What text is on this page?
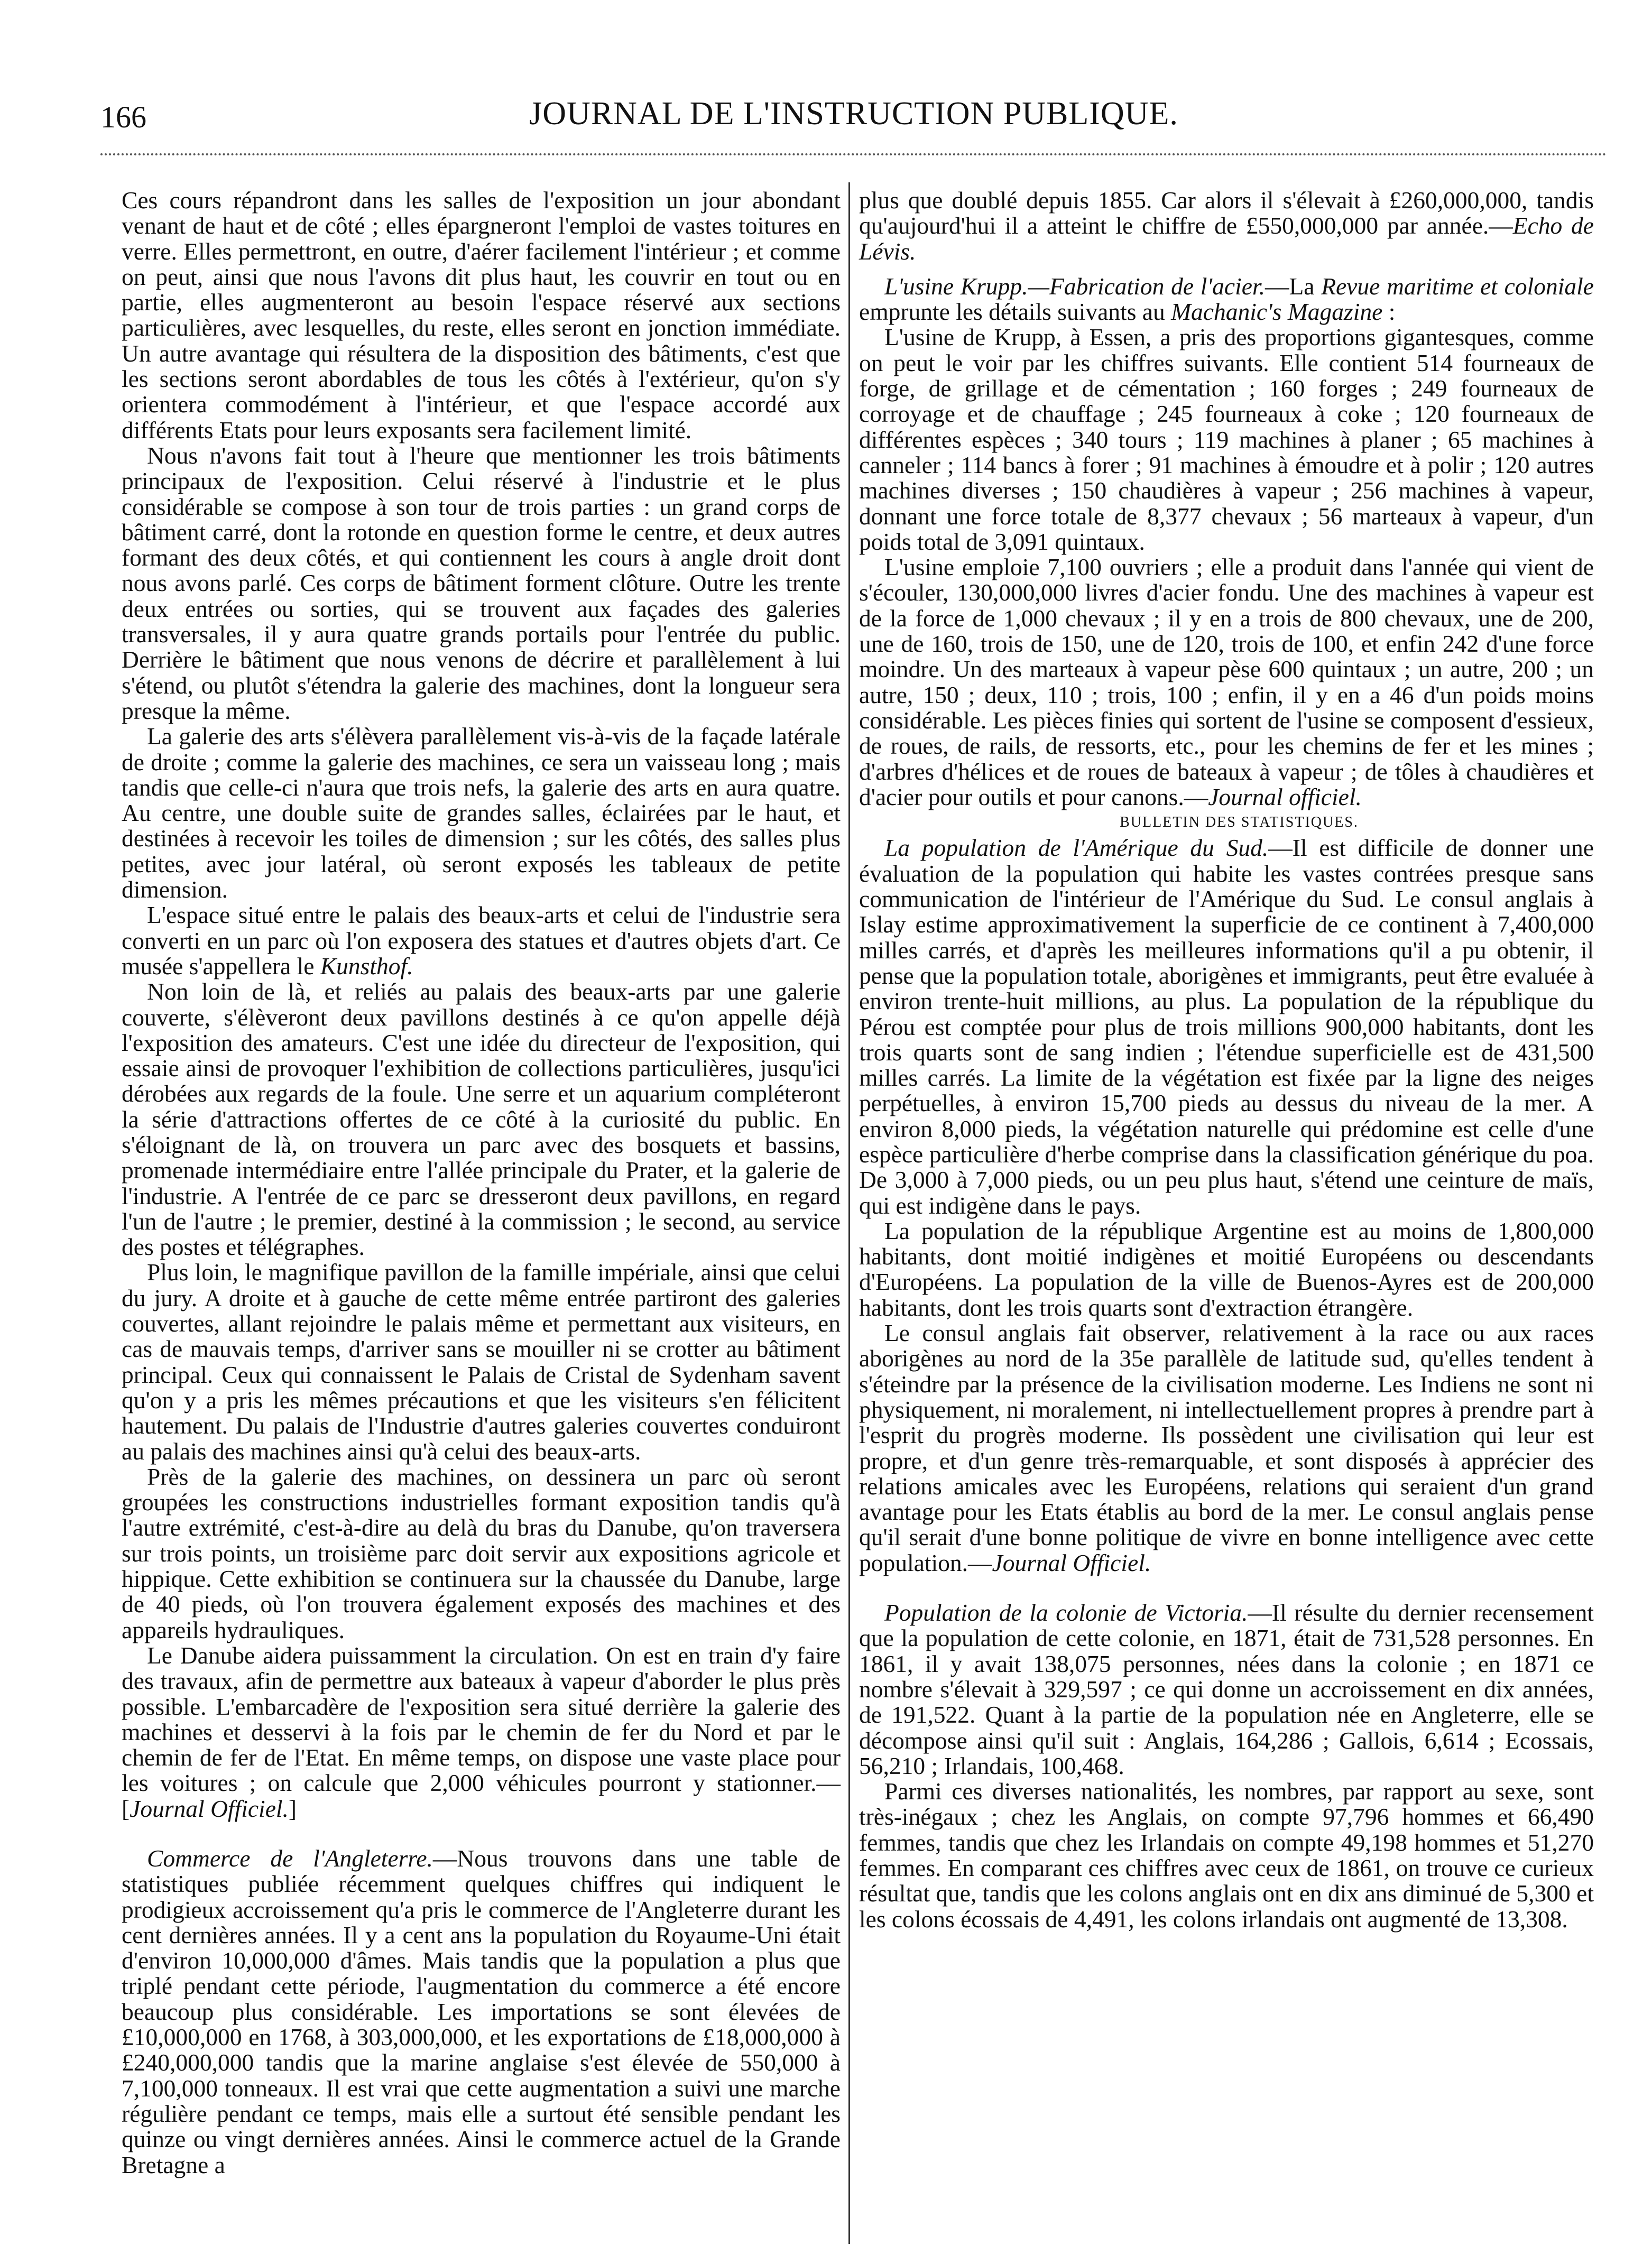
166	JOURNAL DE L'INSTRUCTION PUBLIQUE.

Ces cours répandront dans les salles de l'exposition un jour abondant venant de haut et de côté ; elles épargneront l'emploi de vastes toitures en verre. Elles permettront, en outre, d'aérer facilement l'intérieur ; et comme on peut, ainsi que nous l'avons dit plus haut, les couvrir en tout ou en partie, elles augmenteront au besoin l'espace réservé aux sections particulières, avec lesquelles, du reste, elles seront en jonction immédiate. Un autre avantage qui résultera de la disposition des bâtiments, c'est que les sections seront abordables de tous les côtés à l'extérieur, qu'on s'y orientera commodément à l'intérieur, et que l'espace accordé aux différents Etats pour leurs exposants sera facilement limité.

Nous n'avons fait tout à l'heure que mentionner les trois bâtiments principaux de l'exposition. Celui réservé à l'industrie et le plus considérable se compose à son tour de trois parties : un grand corps de bâtiment carré, dont la rotonde en question forme le centre, et deux autres formant des deux côtés, et qui contiennent les cours à angle droit dont nous avons parlé. Ces corps de bâtiment forment clôture. Outre les trente deux entrées ou sorties, qui se trouvent aux façades des galeries transversales, il y aura quatre grands portails pour l'entrée du public. Derrière le bâtiment que nous venons de décrire et parallèlement à lui s'étend, ou plutôt s'étendra la galerie des machines, dont la longueur sera presque la même.

La galerie des arts s'élèvera parallèlement vis-à-vis de la façade latérale de droite ; comme la galerie des machines, ce sera un vaisseau long ; mais tandis que celle-ci n'aura que trois nefs, la galerie des arts en aura quatre. Au centre, une double suite de grandes salles, éclairées par le haut, et destinées à recevoir les toiles de dimension ; sur les côtés, des salles plus petites, avec jour latéral, où seront exposés les tableaux de petite dimension.

L'espace situé entre le palais des beaux-arts et celui de l'industrie sera converti en un parc où l'on exposera des statues et d'autres objets d'art. Ce musée s'appellera le Kunsthof.

Non loin de là, et reliés au palais des beaux-arts par une galerie couverte, s'élèveront deux pavillons destinés à ce qu'on appelle déjà l'exposition des amateurs. C'est une idée du directeur de l'exposition, qui essaie ainsi de provoquer l'exhibition de collections particulières, jusqu'ici dérobées aux regards de la foule. Une serre et un aquarium compléteront la série d'attractions offertes de ce côté à la curiosité du public. En s'éloignant de là, on trouvera un parc avec des bosquets et bassins, promenade intermédiaire entre l'allée principale du Prater, et la galerie de l'industrie. A l'entrée de ce parc se dresseront deux pavillons, en regard l'un de l'autre ; le premier, destiné à la commission ; le second, au service des postes et télégraphes.

Plus loin, le magnifique pavillon de la famille impériale, ainsi que celui du jury. A droite et à gauche de cette même entrée partiront des galeries couvertes, allant rejoindre le palais même et permettant aux visiteurs, en cas de mauvais temps, d'arriver sans se mouiller ni se crotter au bâtiment principal. Ceux qui connaissent le Palais de Cristal de Sydenham savent qu'on y a pris les mêmes précautions et que les visiteurs s'en félicitent hautement. Du palais de l'Industrie d'autres galeries couvertes conduiront au palais des machines ainsi qu'à celui des beaux-arts.

Près de la galerie des machines, on dessinera un parc où seront groupées les constructions industrielles formant exposition tandis qu'à l'autre extrémité, c'est-à-dire au delà du bras du Danube, qu'on traversera sur trois points, un troisième parc doit servir aux expositions agricole et hippique. Cette exhibition se continuera sur la chaussée du Danube, large de 40 pieds, où l'on trouvera également exposés des machines et des appareils hydrauliques.

Le Danube aidera puissamment la circulation. On est en train d'y faire des travaux, afin de permettre aux bateaux à vapeur d'aborder le plus près possible. L'embarcadère de l'exposition sera situé derrière la galerie des machines et desservi à la fois par le chemin de fer du Nord et par le chemin de fer de l'Etat. En même temps, on dispose une vaste place pour les voitures ; on calcule que 2,000 véhicules pourront y stationner.—[Journal Officiel.]

Commerce de l'Angleterre.—Nous trouvons dans une table de statistiques publiée récemment quelques chiffres qui indiquent le prodigieux accroissement qu'a pris le commerce de l'Angleterre durant les cent dernières années. Il y a cent ans la population du Royaume-Uni était d'environ 10,000,000 d'âmes. Mais tandis que la population a plus que triplé pendant cette période, l'augmentation du commerce a été encore beaucoup plus considérable. Les importations se sont élevées de £10,000,000 en 1768, à 303,000,000, et les exportations de £18,000,000 à £240,000,000 tandis que la marine anglaise s'est élevée de 550,000 à 7,100,000 tonneaux. Il est vrai que cette augmentation a suivi une marche régulière pendant ce temps, mais elle a surtout été sensible pendant les quinze ou vingt dernières années. Ainsi le commerce actuel de la Grande Bretagne a

plus que doublé depuis 1855. Car alors il s'élevait à £260,000,000, tandis qu'aujourd'hui il a atteint le chiffre de £550,000,000 par année.—Echo de Lévis.

L'usine Krupp.—Fabrication de l'acier.—La Revue maritime et coloniale emprunte les détails suivants au Machanic's Magazine :

L'usine de Krupp, à Essen, a pris des proportions gigantesques, comme on peut le voir par les chiffres suivants. Elle contient 514 fourneaux de forge, de grillage et de cémentation ; 160 forges ; 249 fourneaux de corroyage et de chauffage ; 245 fourneaux à coke ; 120 fourneaux de différentes espèces ; 340 tours ; 119 machines à planer ; 65 machines à canneler ; 114 bancs à forer ; 91 machines à émoudre et à polir ; 120 autres machines diverses ; 150 chaudières à vapeur ; 256 machines à vapeur, donnant une force totale de 8,377 chevaux ; 56 marteaux à vapeur, d'un poids total de 3,091 quintaux.

L'usine emploie 7,100 ouvriers ; elle a produit dans l'année qui vient de s'écouler, 130,000,000 livres d'acier fondu. Une des machines à vapeur est de la force de 1,000 chevaux ; il y en a trois de 800 chevaux, une de 200, une de 160, trois de 150, une de 120, trois de 100, et enfin 242 d'une force moindre. Un des marteaux à vapeur pèse 600 quintaux ; un autre, 200 ; un autre, 150 ; deux, 110 ; trois, 100 ; enfin, il y en a 46 d'un poids moins considérable. Les pièces finies qui sortent de l'usine se composent d'essieux, de roues, de rails, de ressorts, etc., pour les chemins de fer et les mines ; d'arbres d'hélices et de roues de bateaux à vapeur ; de tôles à chaudières et d'acier pour outils et pour canons.—Journal officiel.

BULLETIN DES STATISTIQUES.

La population de l'Amérique du Sud.—Il est difficile de donner une évaluation de la population qui habite les vastes contrées presque sans communication de l'intérieur de l'Amérique du Sud. Le consul anglais à Islay estime approximativement la superficie de ce continent à 7,400,000 milles carrés, et d'après les meilleures informations qu'il a pu obtenir, il pense que la population totale, aborigènes et immigrants, peut être evaluée à environ trente-huit millions, au plus. La population de la république du Pérou est comptée pour plus de trois millions 900,000 habitants, dont les trois quarts sont de sang indien ; l'étendue superficielle est de 431,500 milles carrés. La limite de la végétation est fixée par la ligne des neiges perpétuelles, à environ 15,700 pieds au dessus du niveau de la mer. A environ 8,000 pieds, la végétation naturelle qui prédomine est celle d'une espèce particulière d'herbe comprise dans la classification générique du poa. De 3,000 à 7,000 pieds, ou un peu plus haut, s'étend une ceinture de maïs, qui est indigène dans le pays.

La population de la république Argentine est au moins de 1,800,000 habitants, dont moitié indigènes et moitié Européens ou descendants d'Européens. La population de la ville de Buenos-Ayres est de 200,000 habitants, dont les trois quarts sont d'extraction étrangère.

Le consul anglais fait observer, relativement à la race ou aux races aborigènes au nord de la 35e parallèle de latitude sud, qu'elles tendent à s'éteindre par la présence de la civilisation moderne. Les Indiens ne sont ni physiquement, ni moralement, ni intellectuellement propres à prendre part à l'esprit du progrès moderne. Ils possèdent une civilisation qui leur est propre, et d'un genre très-remarquable, et sont disposés à apprécier des relations amicales avec les Européens, relations qui seraient d'un grand avantage pour les Etats établis au bord de la mer. Le consul anglais pense qu'il serait d'une bonne politique de vivre en bonne intelligence avec cette population.—Journal Officiel.

Population de la colonie de Victoria.—Il résulte du dernier recensement que la population de cette colonie, en 1871, était de 731,528 personnes. En 1861, il y avait 138,075 personnes, nées dans la colonie ; en 1871 ce nombre s'élevait à 329,597 ; ce qui donne un accroissement en dix années, de 191,522. Quant à la partie de la population née en Angleterre, elle se décompose ainsi qu'il suit : Anglais, 164,286 ; Gallois, 6,614 ; Ecossais, 56,210 ; Irlandais, 100,468.

Parmi ces diverses nationalités, les nombres, par rapport au sexe, sont très-inégaux ; chez les Anglais, on compte 97,796 hommes et 66,490 femmes, tandis que chez les Irlandais on compte 49,198 hommes et 51,270 femmes. En comparant ces chiffres avec ceux de 1861, on trouve ce curieux résultat que, tandis que les colons anglais ont en dix ans diminué de 5,300 et les colons écossais de 4,491, les colons irlandais ont augmenté de 13,308.
